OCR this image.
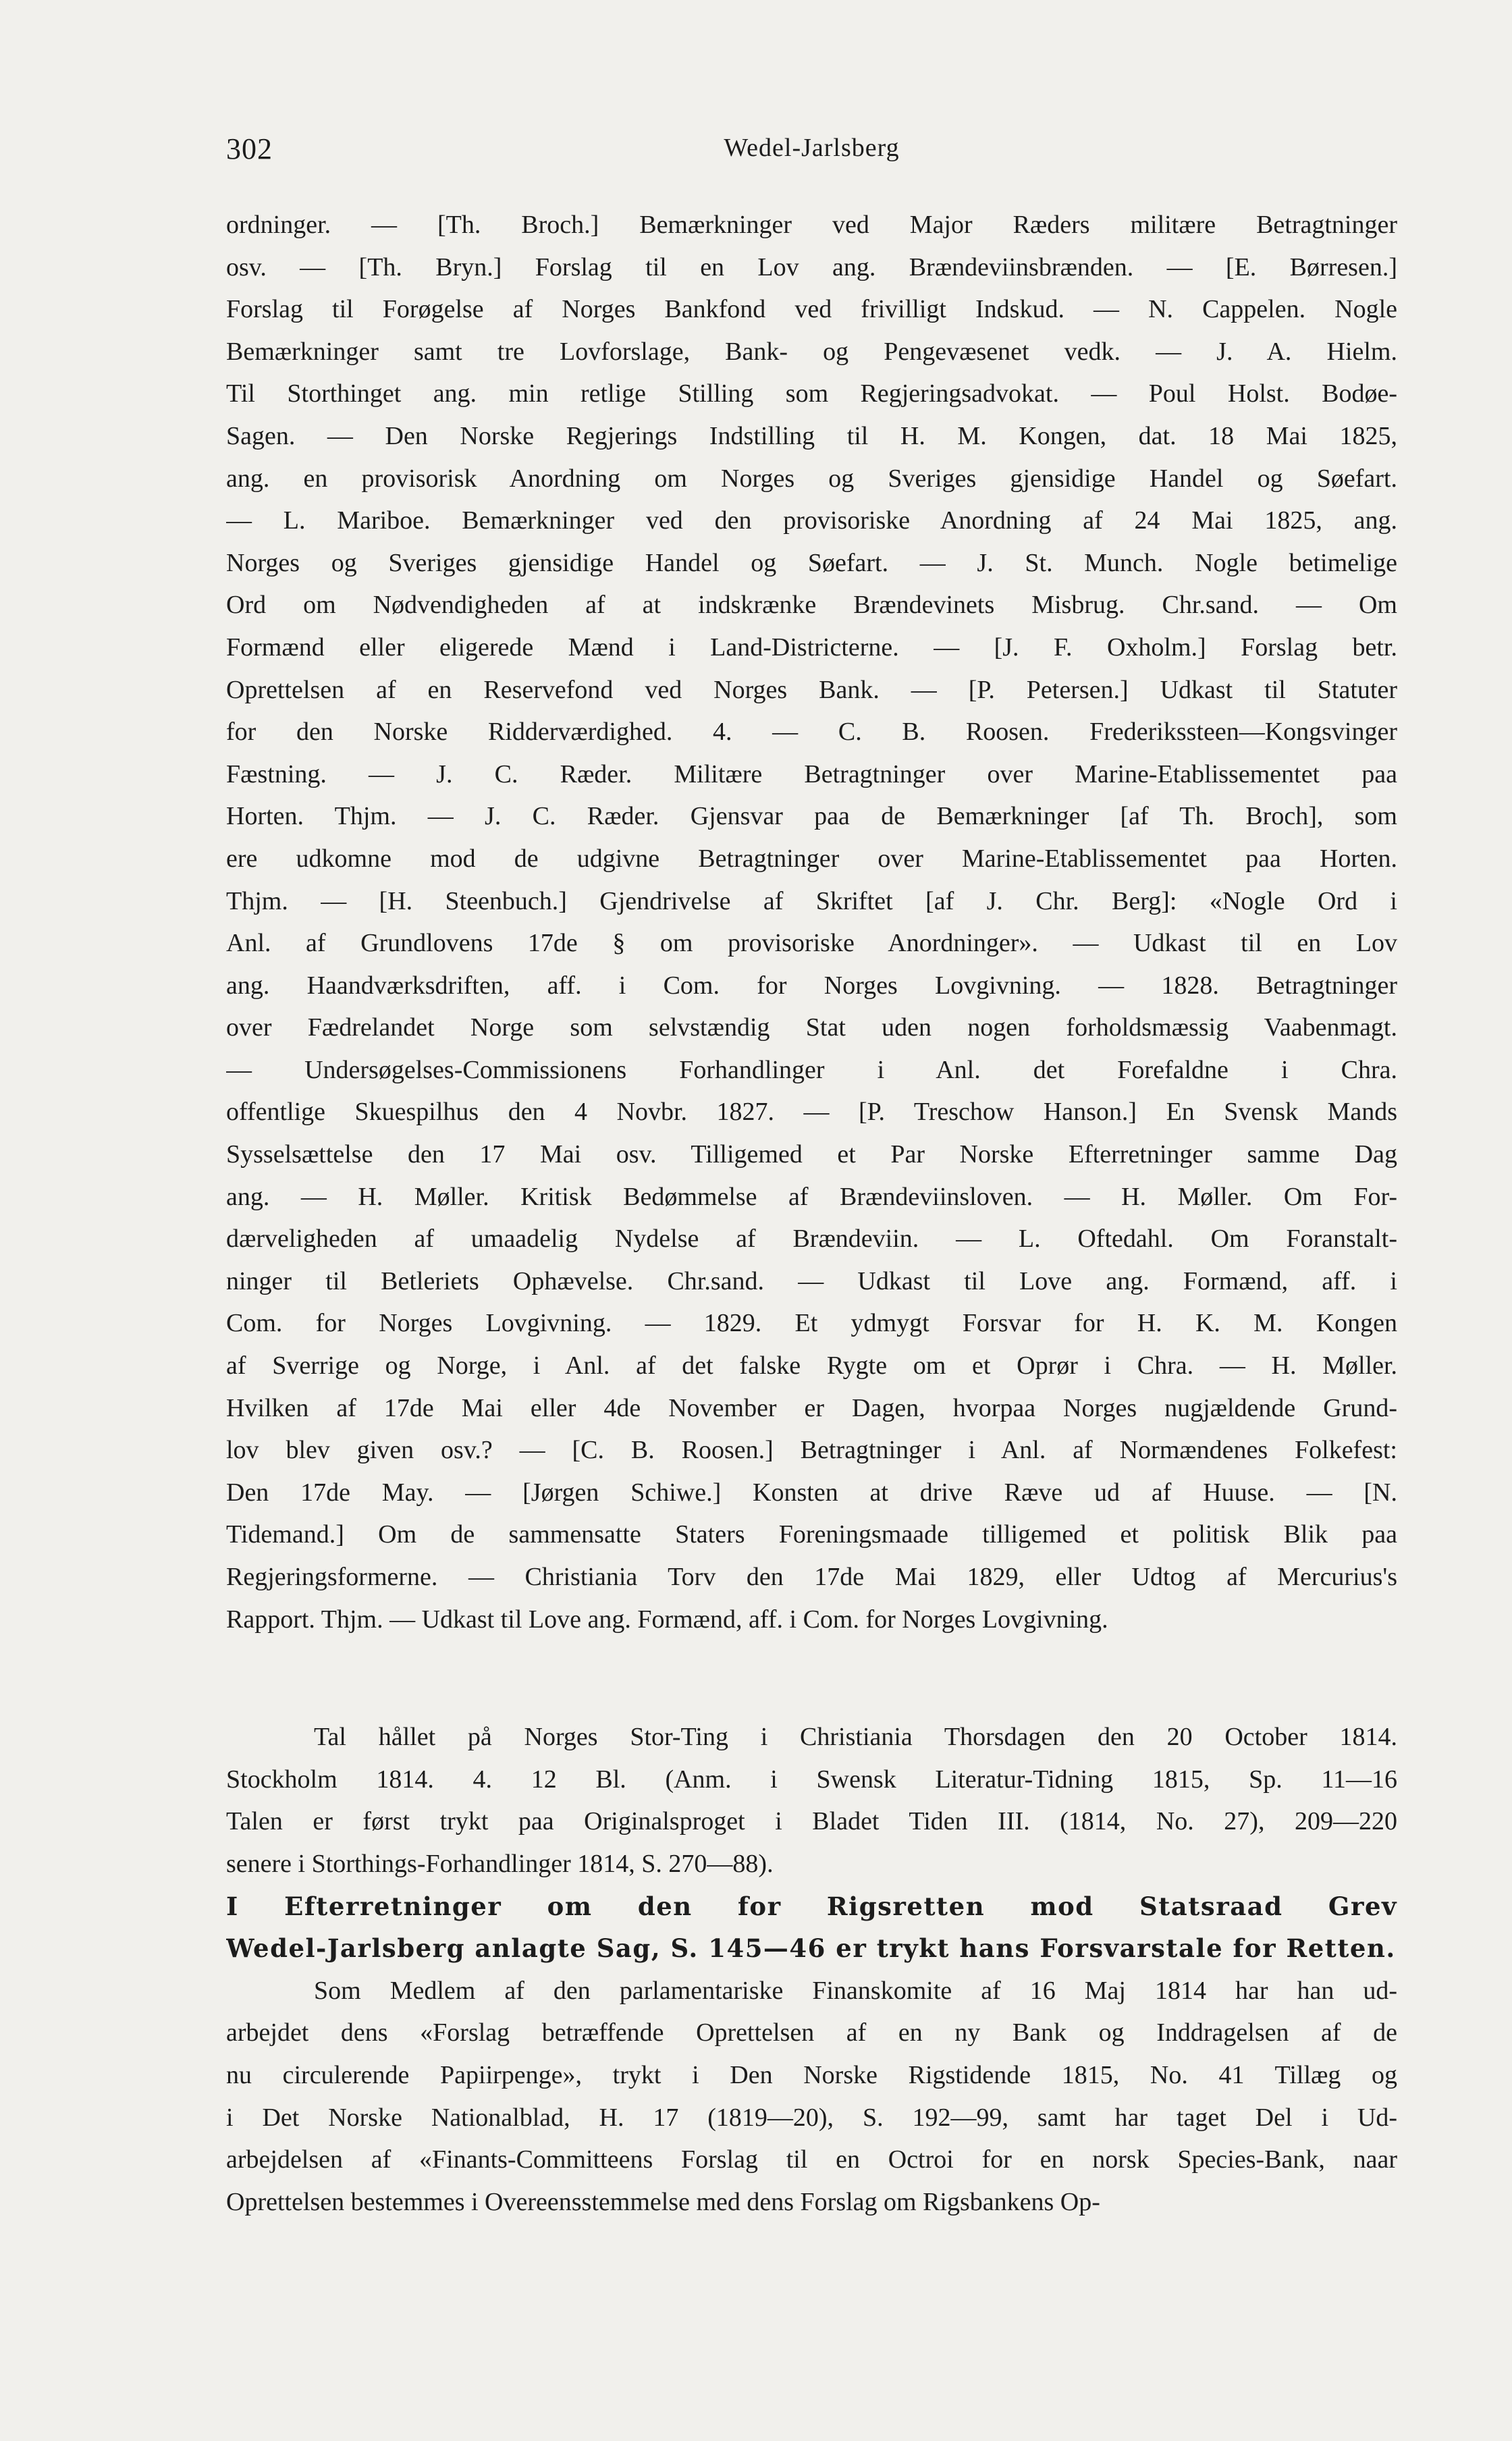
302	Wedel-Jarlsberg
ordninger. — [Th. Broch.] Bemærkninger ved Major Ræders militære Betragtninger
osv. — [Th. Bryn.] Forslag til en Lov ang. Brændeviinsbrænden. — [E. Børresen.]
Forslag til Forøgelse af Norges Bankfond ved frivilligt Indskud. — N. Cappelen. Nogle
Bemærkninger samt tre Lovforslage, Bank- og Pengevæsenet vedk. — J. A. Hielm.
Til Storthinget ang. min retlige Stilling som Regjeringsadvokat. — Poul Holst. Bodøe-
Sagen. — Den Norske Regjerings Indstilling til H. M. Kongen, dat. 18 Mai 1825,
ang. en provisorisk Anordning om Norges og Sveriges gjensidige Handel og Søefart.
— L. Mariboe. Bemærkninger ved den provisoriske Anordning af 24 Mai 1825, ang.
Norges og Sveriges gjensidige Handel og Søefart. — J. St. Munch. Nogle betimelige
Ord om Nødvendigheden af at indskrænke Brændevinets Misbrug. Chr.sand. — Om
Formænd eller eligerede Mænd i Land-Districterne. — [J. F. Oxholm.] Forslag betr.
Oprettelsen af en Reservefond ved Norges Bank. — [P. Petersen.] Udkast til Statuter
for den Norske Ridderværdighed. 4. — C. B. Roosen. Frederikssteen—Kongsvinger
Fæstning. — J. C. Ræder. Militære Betragtninger over Marine-Etablissementet paa
Horten. Thjm. — J. C. Ræder. Gjensvar paa de Bemærkninger [af Th. Broch], som
ere udkomne mod de udgivne Betragtninger over Marine-Etablissementet paa Horten.
Thjm. — [H. Steenbuch.] Gjendrivelse af Skriftet [af J. Chr. Berg]: «Nogle Ord i
Anl. af Grundlovens 17de § om provisoriske Anordninger». — Udkast til en Lov
ang. Haandværksdriften, aff. i Com. for Norges Lovgivning. — 1828. Betragtninger
over Fædrelandet Norge som selvstændig Stat uden nogen forholdsmæssig Vaabenmagt.
— Undersøgelses-Commissionens Forhandlinger i Anl. det Forefaldne i Chra.
offentlige Skuespilhus den 4 Novbr. 1827. — [P. Treschow Hanson.] En Svensk Mands
Sysselsættelse den 17 Mai osv. Tilligemed et Par Norske Efterretninger samme Dag
ang. — H. Møller. Kritisk Bedømmelse af Brændeviinsloven. — H. Møller. Om For-
dærveligheden af umaadelig Nydelse af Brændeviin. — L. Oftedahl. Om Foranstalt-
ninger til Betleriets Ophævelse. Chr.sand. — Udkast til Love ang. Formænd, aff. i
Com. for Norges Lovgivning. — 1829. Et ydmygt Forsvar for H. K. M. Kongen
af Sverrige og Norge, i Anl. af det falske Rygte om et Oprør i Chra. — H. Møller.
Hvilken af 17de Mai eller 4de November er Dagen, hvorpaa Norges nugjældende Grund-
lov blev given osv.? — [C. B. Roosen.] Betragtninger i Anl. af Normændenes Folkefest:
Den 17de May. — [Jørgen Schiwe.] Konsten at drive Ræve ud af Huuse. — [N.
Tidemand.] Om de sammensatte Staters Foreningsmaade tilligemed et politisk Blik paa
Regjeringsformerne. — Christiania Torv den 17de Mai 1829, eller Udtog af Mercurius's
Rapport. Thjm. — Udkast til Love ang. Formænd, aff. i Com. for Norges Lovgivning.
Tal hållet på Norges Stor-Ting i Christiania Thorsdagen den 20 October 1814.
Stockholm 1814. 4. 12 Bl. (Anm. i Swensk Literatur-Tidning 1815, Sp. 11—16
Talen er først trykt paa Originalsproget i Bladet Tiden III. (1814, No. 27), 209—220
senere i Storthings-Forhandlinger 1814, S. 270—88).
I Efterretninger om den for Rigsretten mod Statsraad Grev
Wedel-Jarlsberg anlagte Sag, S. 145—46 er trykt hans Forsvarstale for Retten.
Som Medlem af den parlamentariske Finanskomite af 16 Maj 1814 har han ud-
arbejdet dens «Forslag betræffende Oprettelsen af en ny Bank og Inddragelsen af de
nu circulerende Papiirpenge», trykt i Den Norske Rigstidende 1815, No. 41 Tillæg og
i Det Norske Nationalblad, H. 17 (1819—20), S. 192—99, samt har taget Del i Ud-
arbejdelsen af «Finants-Committeens Forslag til en Octroi for en norsk Species-Bank, naar
Oprettelsen bestemmes i Overeensstemmelse med dens Forslag om Rigsbankens Op-
